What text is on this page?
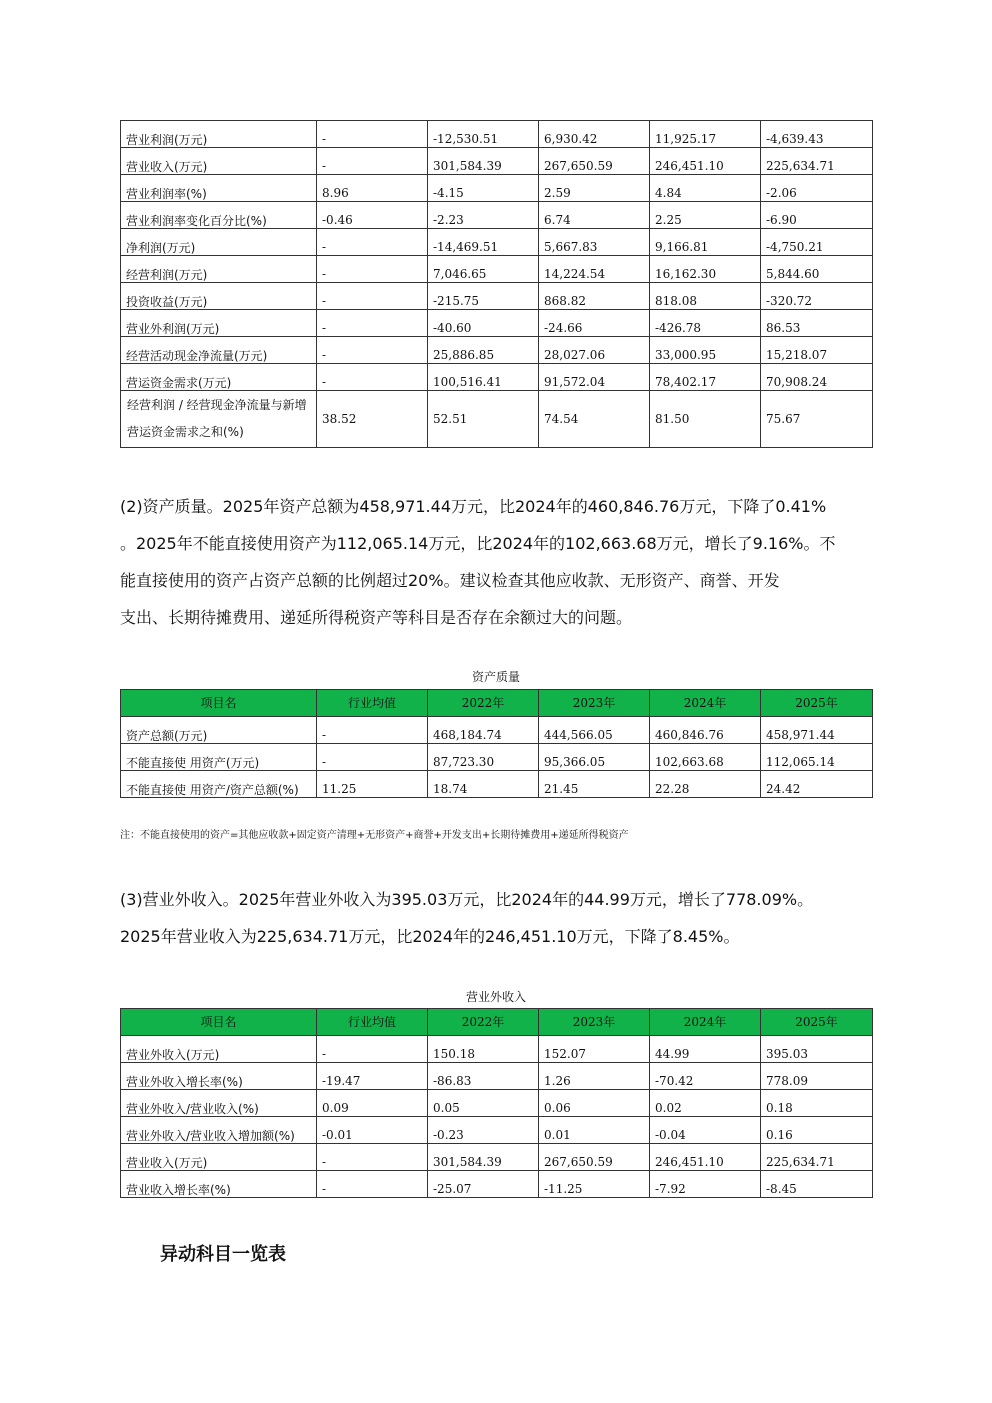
营业利润(万元)	-	-12,530.51	6,930.42	11,925.17	-4,639.43
营业收入(万元)	-	301,584.39	267,650.59	246,451.10	225,634.71
营业利润率(%)	8.96	-4.15	2.59	4.84	-2.06
营业利润率变化百分比(%)	-0.46	-2.23	6.74	2.25	-6.90
净利润(万元)	-	-14,469.51	5,667.83	9,166.81	-4,750.21
经营利润(万元)	-	7,046.65	14,224.54	16,162.30	5,844.60
投资收益(万元)	-	-215.75	868.82	818.08	-320.72
营业外利润(万元)	-	-40.60	-24.66	-426.78	86.53
经营活动现金净流量(万元)	-	25,886.85	28,027.06	33,000.95	15,218.07
营运资金需求(万元)	-	100,516.41	91,572.04	78,402.17	70,908.24
经营利润 / 经营现金净流量与新增营运资金需求之和(%)	38.52	52.51	74.54	81.50	75.67
(2)资产质量。2025年资产总额为458,971.44万元，比2024年的460,846.76万元，下降了0.41%
。2025年不能直接使用资产为112,065.14万元，比2024年的102,663.68万元，增长了9.16%。不
能直接使用的资产占资产总额的比例超过20%。建议检查其他应收款、无形资产、商誉、开发
支出、长期待摊费用、递延所得税资产等科目是否存在余额过大的问题。
资产质量
项目名	行业均值	2022年	2023年	2024年	2025年
资产总额(万元)	-	468,184.74	444,566.05	460,846.76	458,971.44
不能直接使 用资产(万元)	-	87,723.30	95,366.05	102,663.68	112,065.14
不能直接使 用资产/资产总额(%)	11.25	18.74	21.45	22.28	24.42
注：不能直接使用的资产=其他应收款+固定资产清理+无形资产+商誉+开发支出+长期待摊费用+递延所得税资产
(3)营业外收入。2025年营业外收入为395.03万元，比2024年的44.99万元，增长了778.09%。
2025年营业收入为225,634.71万元，比2024年的246,451.10万元，下降了8.45%。
营业外收入
项目名	行业均值	2022年	2023年	2024年	2025年
营业外收入(万元)	-	150.18	152.07	44.99	395.03
营业外收入增长率(%)	-19.47	-86.83	1.26	-70.42	778.09
营业外收入/营业收入(%)	0.09	0.05	0.06	0.02	0.18
营业外收入/营业收入增加额(%)	-0.01	-0.23	0.01	-0.04	0.16
营业收入(万元)	-	301,584.39	267,650.59	246,451.10	225,634.71
营业收入增长率(%)	-	-25.07	-11.25	-7.92	-8.45
异动科目一览表
